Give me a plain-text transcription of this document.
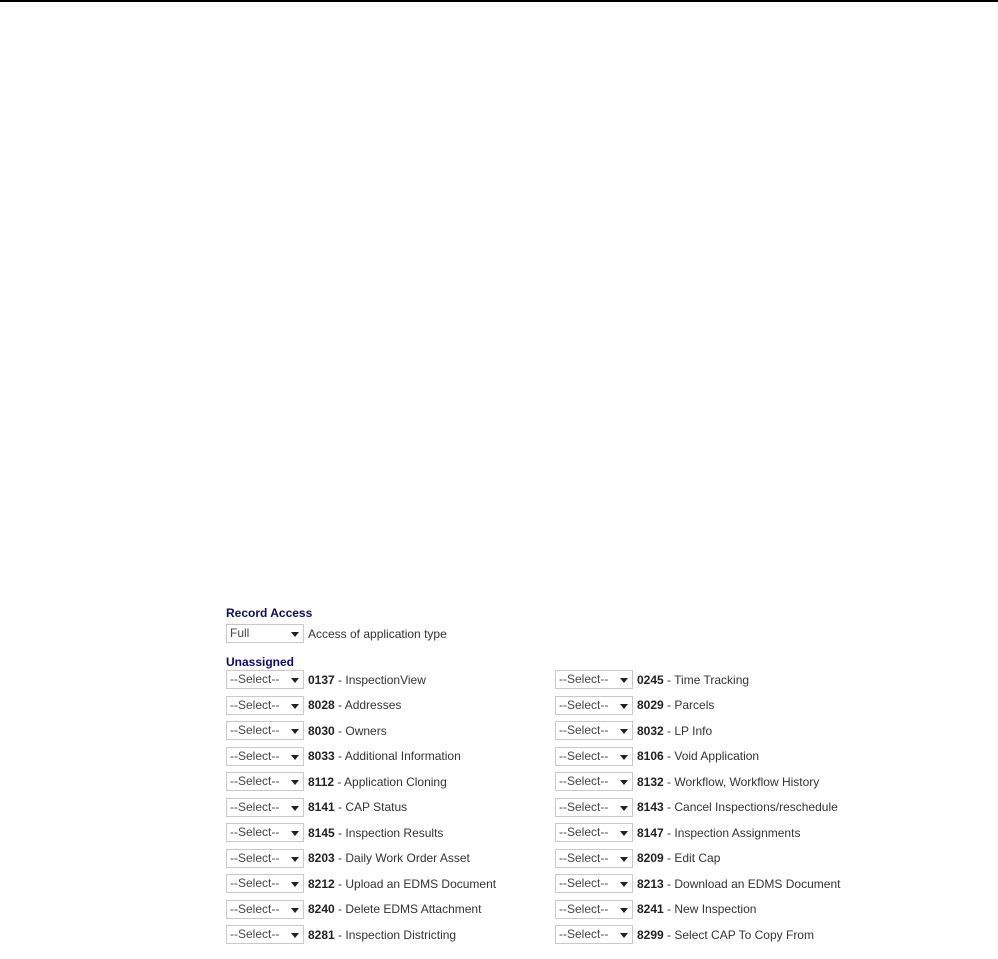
Record Access
Full	Access of application type
Unassigned
--Select--	0137 - InspectionView	--Select--	0245 - Time Tracking
--Select--	8028 - Addresses	--Select--	8029 - Parcels
--Select--	8030 - Owners	--Select--	8032 - LP Info
--Select--	8033 - Additional Information	--Select--	8106 - Void Application
--Select--	8112 - Application Cloning	--Select--	8132 - Workflow, Workflow History
--Select--	8141 - CAP Status	--Select--	8143 - Cancel Inspections/reschedule
--Select--	8145 - Inspection Results	--Select--	8147 - Inspection Assignments
--Select--	8203 - Daily Work Order Asset	--Select--	8209 - Edit Cap
--Select--	8212 - Upload an EDMS Document	--Select--	8213 - Download an EDMS Document
--Select--	8240 - Delete EDMS Attachment	--Select--	8241 - New Inspection
--Select--	8281 - Inspection Districting	--Select--	8299 - Select CAP To Copy From
